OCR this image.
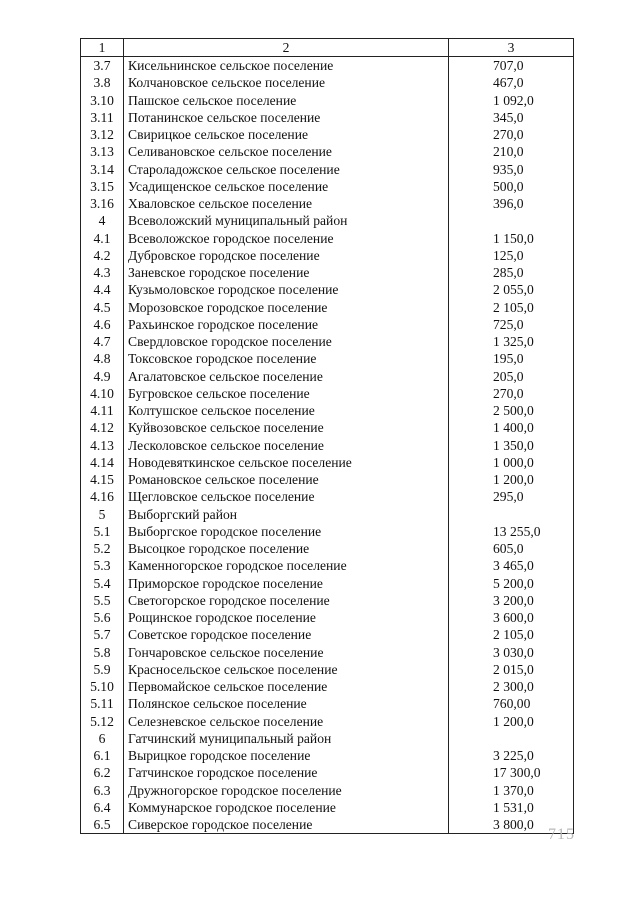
1	2	3
3.7	Кисельнинское сельское поселение	707,0
3.8	Колчановское сельское поселение	467,0
3.10	Пашское сельское поселение	1 092,0
3.11	Потанинское сельское поселение	345,0
3.12	Свирицкое сельское поселение	270,0
3.13	Селивановское сельское поселение	210,0
3.14	Староладожское сельское поселение	935,0
3.15	Усадищенское сельское поселение	500,0
3.16	Хваловское сельское поселение	396,0
4	Всеволожский муниципальный район	
4.1	Всеволожское городское поселение	1 150,0
4.2	Дубровское городское поселение	125,0
4.3	Заневское городское поселение	285,0
4.4	Кузьмоловское городское поселение	2 055,0
4.5	Морозовское городское поселение	2 105,0
4.6	Рахьинское городское поселение	725,0
4.7	Свердловское городское поселение	1 325,0
4.8	Токсовское городское поселение	195,0
4.9	Агалатовское сельское поселение	205,0
4.10	Бугровское сельское поселение	270,0
4.11	Колтушское сельское поселение	2 500,0
4.12	Куйвозовское сельское поселение	1 400,0
4.13	Лесколовское сельское поселение	1 350,0
4.14	Новодевяткинское сельское поселение	1 000,0
4.15	Романовское сельское поселение	1 200,0
4.16	Щегловское сельское поселение	295,0
5	Выборгский район	
5.1	Выборгское городское поселение	13 255,0
5.2	Высоцкое городское поселение	605,0
5.3	Каменногорское городское поселение	3 465,0
5.4	Приморское городское поселение	5 200,0
5.5	Светогорское городское поселение	3 200,0
5.6	Рощинское городское поселение	3 600,0
5.7	Советское городское поселение	2 105,0
5.8	Гончаровское сельское поселение	3 030,0
5.9	Красносельское сельское поселение	2 015,0
5.10	Первомайское сельское поселение	2 300,0
5.11	Полянское сельское поселение	760,00
5.12	Селезневское сельское поселение	1 200,0
6	Гатчинский муниципальный район	
6.1	Вырицкое городское поселение	3 225,0
6.2	Гатчинское городское поселение	17 300,0
6.3	Дружногорское городское поселение	1 370,0
6.4	Коммунарское городское поселение	1 531,0
6.5	Сиверское городское поселение	3 800,0
715
